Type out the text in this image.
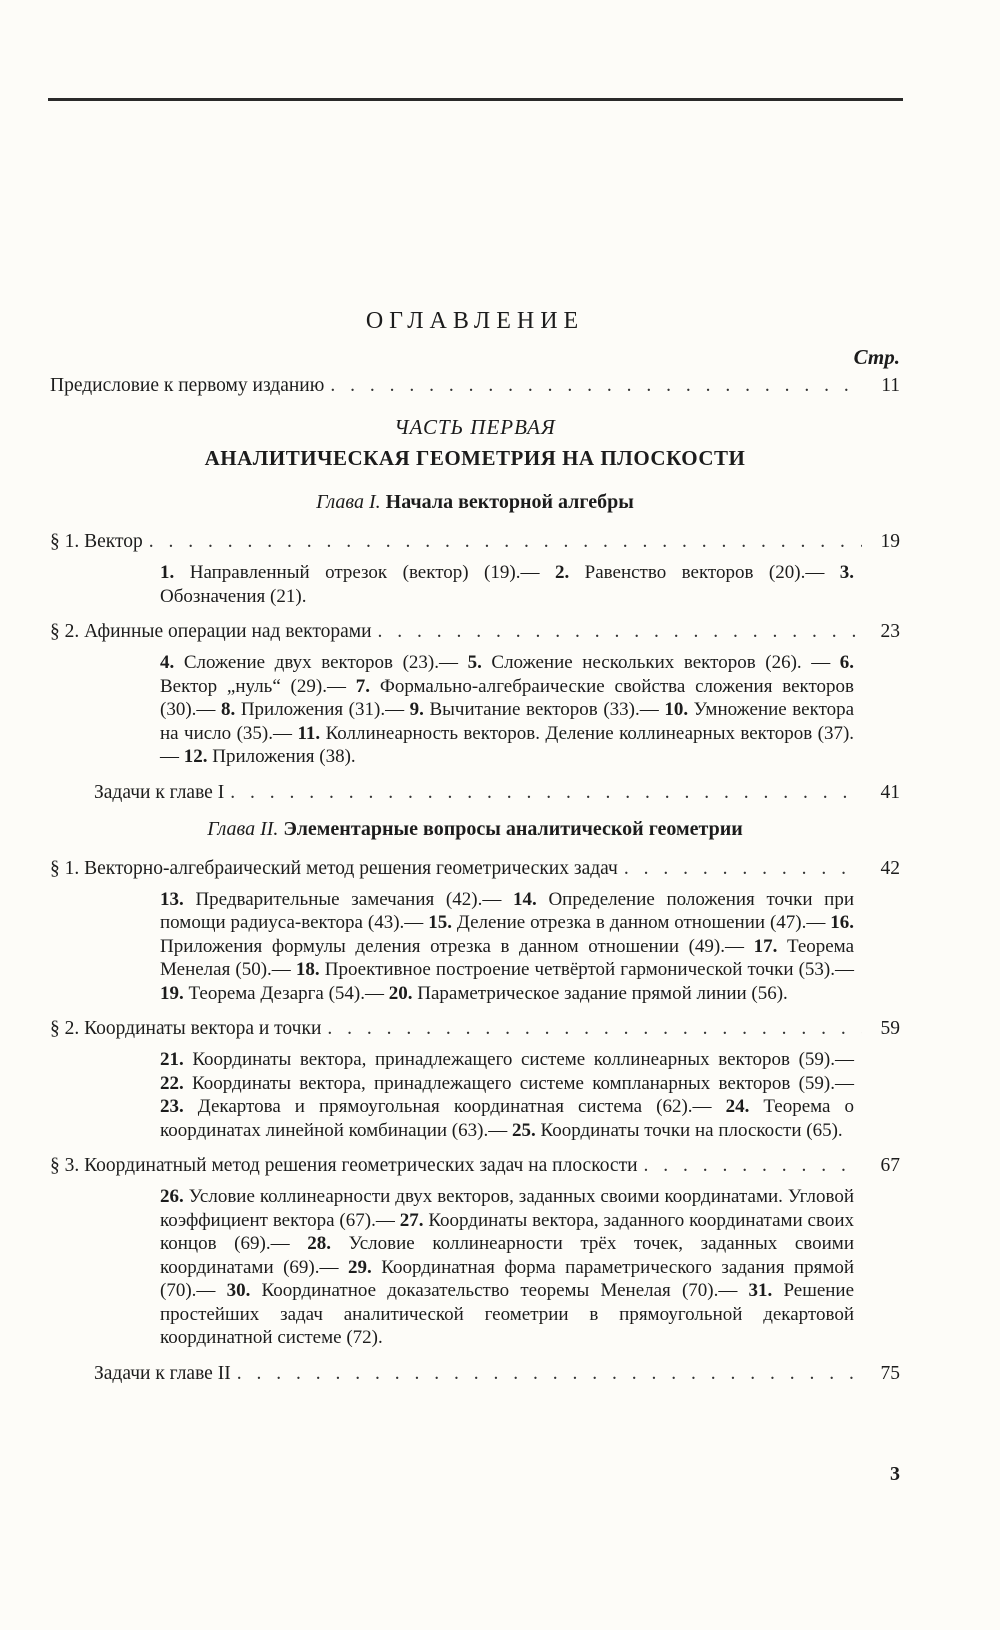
ОГЛАВЛЕНИЕ
Стр.
Предисловие к первому изданию . . .	11
ЧАСТЬ ПЕРВАЯ
АНАЛИТИЧЕСКАЯ ГЕОМЕТРИЯ НА ПЛОСКОСТИ
Глава I. Начала векторной алгебры
§ 1. Вектор . . .	19
1. Направленный отрезок (вектор) (19).— 2. Равенство векторов (20).— 3. Обозначения (21).
§ 2. Афинные операции над векторами . . .	23
4. Сложение двух векторов (23).— 5. Сложение нескольких векторов (26). — 6. Вектор „нуль“ (29).— 7. Формально-алгебраические свойства сложения векторов (30).— 8. Приложения (31).— 9. Вычитание векторов (33).— 10. Умножение вектора на число (35).— 11. Коллинеарность векторов. Деление коллинеарных векторов (37).— 12. Приложения (38).
Задачи к главе I . . .	41
Глава II. Элементарные вопросы аналитической геометрии
§ 1. Векторно-алгебраический метод решения геометрических задач . . .	42
13. Предварительные замечания (42).— 14. Определение положения точки при помощи радиуса-вектора (43).— 15. Деление отрезка в данном отношении (47).— 16. Приложения формулы деления отрезка в данном отношении (49).— 17. Теорема Менелая (50).— 18. Проективное построение четвёртой гармонической точки (53).— 19. Теорема Дезарга (54).— 20. Параметрическое задание прямой линии (56).
§ 2. Координаты вектора и точки . . .	59
21. Координаты вектора, принадлежащего системе коллинеарных векторов (59).— 22. Координаты вектора, принадлежащего системе компланарных векторов (59).— 23. Декартова и прямоугольная координатная система (62).— 24. Теорема о координатах линейной комбинации (63).— 25. Координаты точки на плоскости (65).
§ 3. Координатный метод решения геометрических задач на плоскости . . .	67
26. Условие коллинеарности двух векторов, заданных своими координатами. Угловой коэффициент вектора (67).— 27. Координаты вектора, заданного координатами своих концов (69).— 28. Условие коллинеарности трёх точек, заданных своими координатами (69).— 29. Координатная форма параметрического задания прямой (70).— 30. Координатное доказательство теоремы Менелая (70).— 31. Решение простейших задач аналитической геометрии в прямоугольной декартовой координатной системе (72).
Задачи к главе II . . .	75
3
